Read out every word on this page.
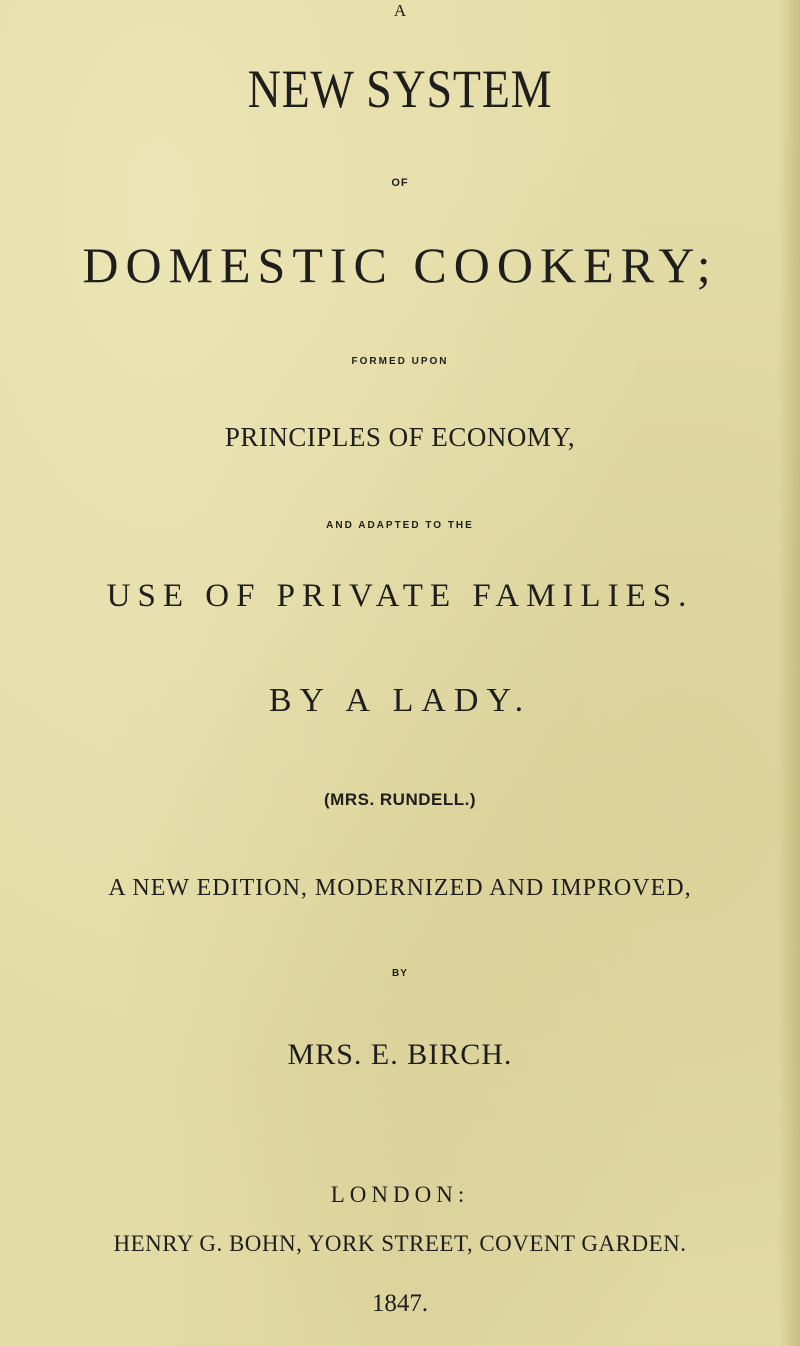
A
NEW SYSTEM
OF
DOMESTIC COOKERY;
FORMED UPON
PRINCIPLES OF ECONOMY,
AND ADAPTED TO THE
USE OF PRIVATE FAMILIES.
BY A LADY.
(MRS. RUNDELL.)
A NEW EDITION, MODERNIZED AND IMPROVED,
BY
MRS. E. BIRCH.
LONDON:
HENRY G. BOHN, YORK STREET, COVENT GARDEN.
1847.
